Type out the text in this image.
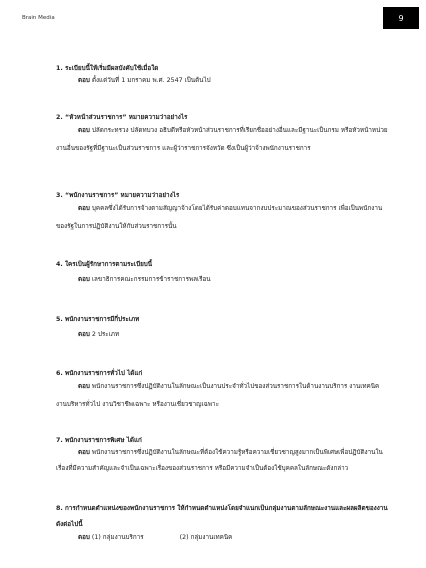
Brain Media	9

1. ระเบียบนี้ให้เริ่มมีผลบังคับใช้เมื่อใด

ตอบ ตั้งแต่วันที่ 1 มกราคม พ.ศ. 2547 เป็นต้นไป

2. “หัวหน้าส่วนราชการ” หมายความว่าอย่างไร

ตอบ ปลัดกระทรวง ปลัดทบวง อธิบดีหรือหัวหน้าส่วนราชการที่เรียกชื่ออย่างอื่นและมีฐานะเป็นกรม หรือหัวหน้าหน่วยงานอื่นของรัฐที่มีฐานะเป็นส่วนราชการ และผู้ว่าราชการจังหวัด ซึ่งเป็นผู้ว่าจ้างพนักงานราชการ

3. “พนักงานราชการ” หมายความว่าอย่างไร

ตอบ บุคคลซึ่งได้รับการจ้างตามสัญญาจ้างโดยได้รับค่าตอบแทนจากงบประมาณของส่วนราชการ เพื่อเป็นพนักงานของรัฐในการปฏิบัติงานให้กับส่วนราชการนั้น

4. ใครเป็นผู้รักษาการตามระเบียบนี้

ตอบ เลขาธิการคณะกรรมการข้าราชการพลเรือน

5. พนักงานราชการมีกี่ประเภท

ตอบ 2 ประเภท

6. พนักงานราชการทั่วไป ได้แก่

ตอบ พนักงานราชการซึ่งปฏิบัติงานในลักษณะเป็นงานประจำทั่วไปของส่วนราชการในด้านงานบริการ งานเทคนิค งานบริหารทั่วไป งานวิชาชีพเฉพาะ หรืองานเชี่ยวชาญเฉพาะ

7. พนักงานราชการพิเศษ ได้แก่

ตอบ พนักงานราชการซึ่งปฏิบัติงานในลักษณะที่ต้องใช้ความรู้หรือความเชี่ยวชาญสูงมากเป็นพิเศษเพื่อปฏิบัติงานในเรื่องที่มีความสำคัญและจำเป็นเฉพาะเรื่องของส่วนราชการ หรือมีความจำเป็นต้องใช้บุคคลในลักษณะดังกล่าว

8. การกำหนดตำแหน่งของพนักงานราชการ ให้กำหนดตำแหน่งโดยจำแนกเป็นกลุ่มงานตามลักษณะงานและผลผลิตของงาน ดังต่อไปนี้

ตอบ (1) กลุ่มงานบริการ	(2) กลุ่มงานเทคนิค
